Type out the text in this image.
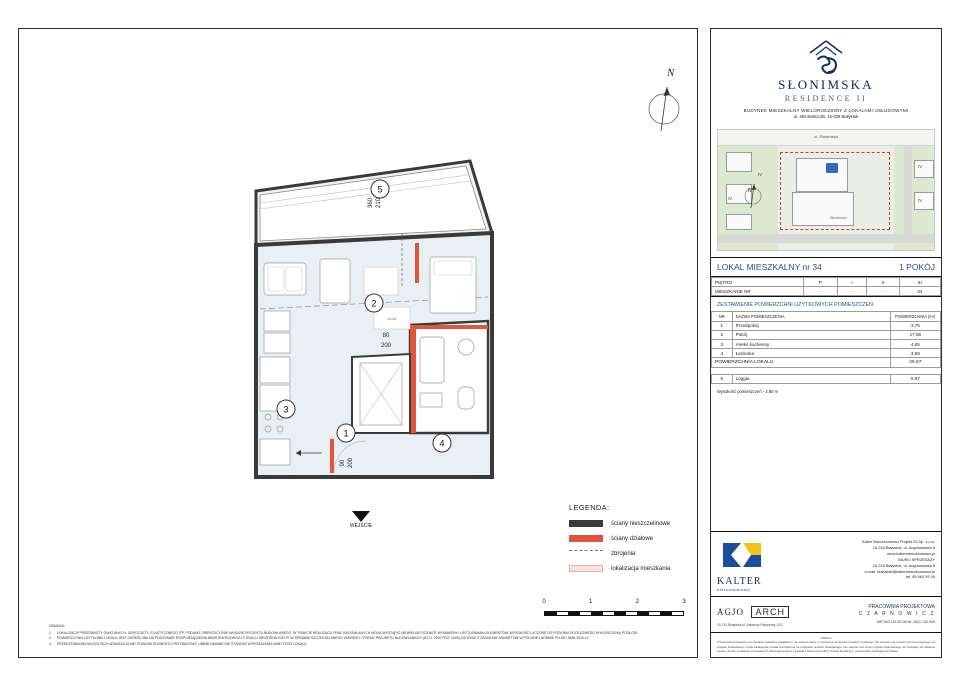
N
stolik
90 200
80
200
360 210
5
2
3
1
4
WEJŚCIE
LEGENDA:
ściany nieszczelinowe
ściany działowe
zbrojenia
lokalizacja mieszkania
0	1	2	3
UWAGA:
1.	LOKALIZACJE PRZEDMIOTY OWAT.ANYCH, ODPOCZĘTY, ELASTYCZNEGO ITP. PODANO ORIENTACYJNIE NA BAZIE PROJEKTU BUDOWLANEGO, W TRAKCIE REALIZACJI PRAC BUDOWLANYCH MOGĄ WYSTĄPIĆ NIEWIELKIE RÓŻNICE WYMIARÓW I USYTUOWANIA ELEMENTÓW. WYSOKOŚCI LICZONE DO POZIOMU DOCELOWEGO WYKOŃCZENIA PODŁOGI.
2.	POWIERZCHNIA UŻYTKOWA LOKALU JEST OKREŚLONA NA PODSTAWIE ROZPORZĄDZENIA MINISTRA ROZWOJU Z DNIA 11 WRZEŚNIA 2020 R. W SPRAWIE SZCZEGÓŁOWEGO ZAKRESU I FORMY PROJEKTU BUDOWLANEGO (DZ.U. 2020 POZ. 1609) ZGODNIE Z ZASADAMI ZAWARTYMI W POLSKIEJ NORMIE PN-ISO 9836:2015-12
3.	PRZEDSTAWIONA NA RZUTACH ARANŻACJA NIE STANOWI ELEMENTU PRZYBUDOWY, UMEBLOWANIE NIE STANOWI WYPOSAŻENIA NABYTEGO LOKALU.
SŁONIMSKA
RESIDENCE II
BUDYNEK MIESZKALNY WIELORODZINNY Z LOKALAMI USŁUGOWYMI
ul. Słonimska 2B, 15-029 Białystok
ul. Słonimska
N
IV
IV
IV
IV
Słonimska
LOKAL MIESZKALNY nr 34	1 POKÓJ
PIĘTRO	P	I	II	III
MIESZKANIE NR	-	-	-	34
ZESTAWIENIE POWIERZCHNI UŻYTKOWYCH POMIESZCZEŃ
NR	NAZWA POMIESZCZENIA	POWIERZCHNIA (m²)
1	Przedpokój	3,76
2	Pokój	17,56
3	Aneks kuchenny	4,65
4	Łazienka	3,69
POWIERZCHNIA LOKALU		29,67
5	Loggia	6,67
Wysokość pomieszczeń - 2,80 m
KALTER
nieruchomości
Kalter Nieruchomości Projekt 20 Sp. z o.o.
15-218 Białystok, ul. Augustowska 8
www.kalternieruchomosci.pl
BIURO SPRZEDAŻY
15-218 Białystok, ul. Augustowska 8
e-mail: bialystok@kalternieruchomosci.pl
tel. 85 662 93 49
AGJO ARCH
15-741 Białystok ul. Antoniuk Fabryczny 12/1
PRACOWNIA PROJEKTOWA
C Z A R N O W I C Z
NIP 542 116 55 26 tel. 0511 134 040
UWAGA:
Przedmiotowa ilustracja ma charakter wyłącznie poglądowy i nie stanowi oferty w rozumieniu przepisów Kodeksu Cywilnego. Nie stanowi ona również wzorca umownego ani projektu budowlanego. Karta katalogowa została sporządzona na podstawie projektu budowlanego. Nie stanowi ona części projektu budowlanego ani podstawy do zawarcia umowy. W celu uzyskania szczegółowych informacji prosimy o kontakt z biurem sprzedaży. Projekt ilustracyjny, powierzchnie podlegają weryfikacji.
